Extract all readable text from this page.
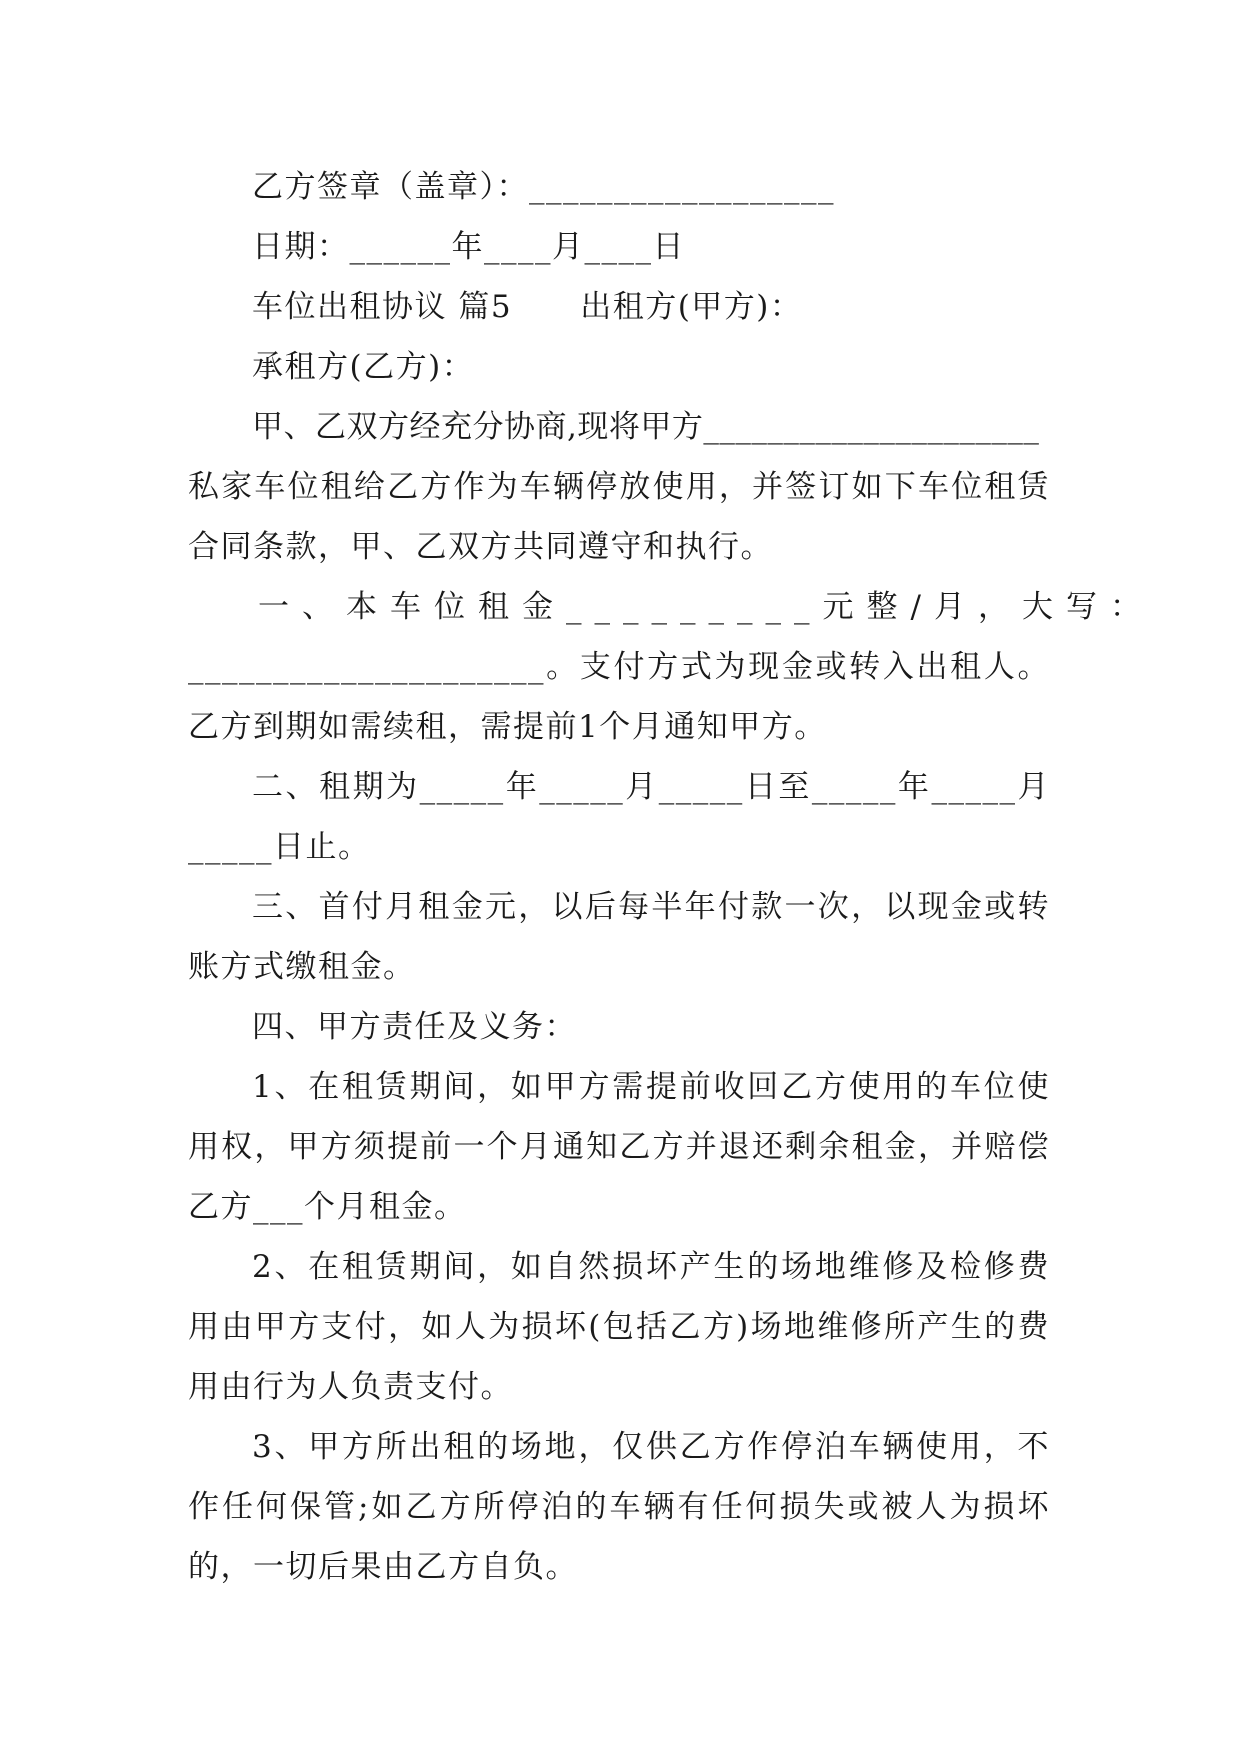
乙方签章（盖章）：__________________

日期：______年____月____日

车位出租协议 篇5      出租方(甲方)：

承租方(乙方)：

甲、乙双方经充分协商,现将甲方_____________________

私家车位租给乙方作为车辆停放使用，并签订如下车位租赁合同条款，甲、乙双方共同遵守和执行。

一、本车位租金_________元整/月，大写：

_____________________。支付方式为现金或转入出租人。乙方到期如需续租，需提前1个月通知甲方。

二、租期为_____年_____月_____日至_____年_____月_____日止。

三、首付月租金元，以后每半年付款一次，以现金或转账方式缴租金。

四、甲方责任及义务：

1、在租赁期间，如甲方需提前收回乙方使用的车位使用权，甲方须提前一个月通知乙方并退还剩余租金，并赔偿乙方___个月租金。

2、在租赁期间，如自然损坏产生的场地维修及检修费用由甲方支付，如人为损坏(包括乙方)场地维修所产生的费用由行为人负责支付。

3、甲方所出租的场地，仅供乙方作停泊车辆使用，不作任何保管;如乙方所停泊的车辆有任何损失或被人为损坏的，一切后果由乙方自负。
